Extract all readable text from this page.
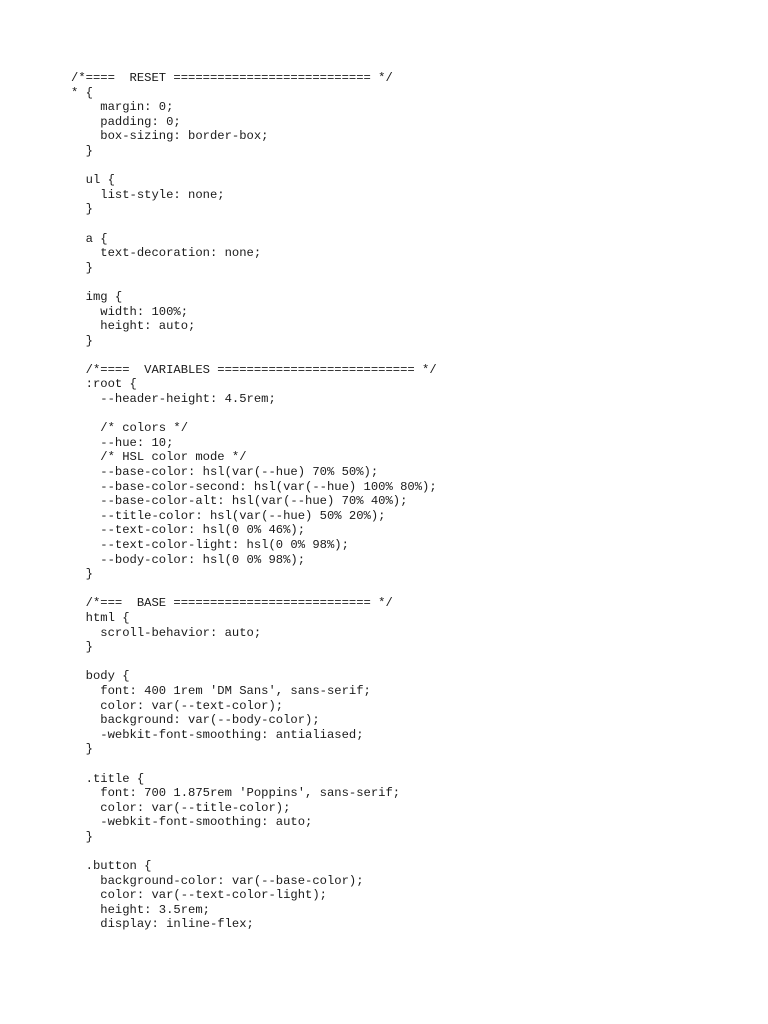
/*====  RESET =========================== */
* {
margin: 0;
padding: 0;
box-sizing: border-box;
}
ul {
list-style: none;
}
a {
text-decoration: none;
}
img {
width: 100%;
height: auto;
}
/*====  VARIABLES =========================== */
:root {
--header-height: 4.5rem;
/* colors */
--hue: 10;
/* HSL color mode */
--base-color: hsl(var(--hue) 70% 50%);
--base-color-second: hsl(var(--hue) 100% 80%);
--base-color-alt: hsl(var(--hue) 70% 40%);
--title-color: hsl(var(--hue) 50% 20%);
--text-color: hsl(0 0% 46%);
--text-color-light: hsl(0 0% 98%);
--body-color: hsl(0 0% 98%);
}
/*===  BASE =========================== */
html {
scroll-behavior: auto;
}
body {
font: 400 1rem 'DM Sans', sans-serif;
color: var(--text-color);
background: var(--body-color);
-webkit-font-smoothing: antialiased;
}
.title {
font: 700 1.875rem 'Poppins', sans-serif;
color: var(--title-color);
-webkit-font-smoothing: auto;
}
.button {
background-color: var(--base-color);
color: var(--text-color-light);
height: 3.5rem;
display: inline-flex;
